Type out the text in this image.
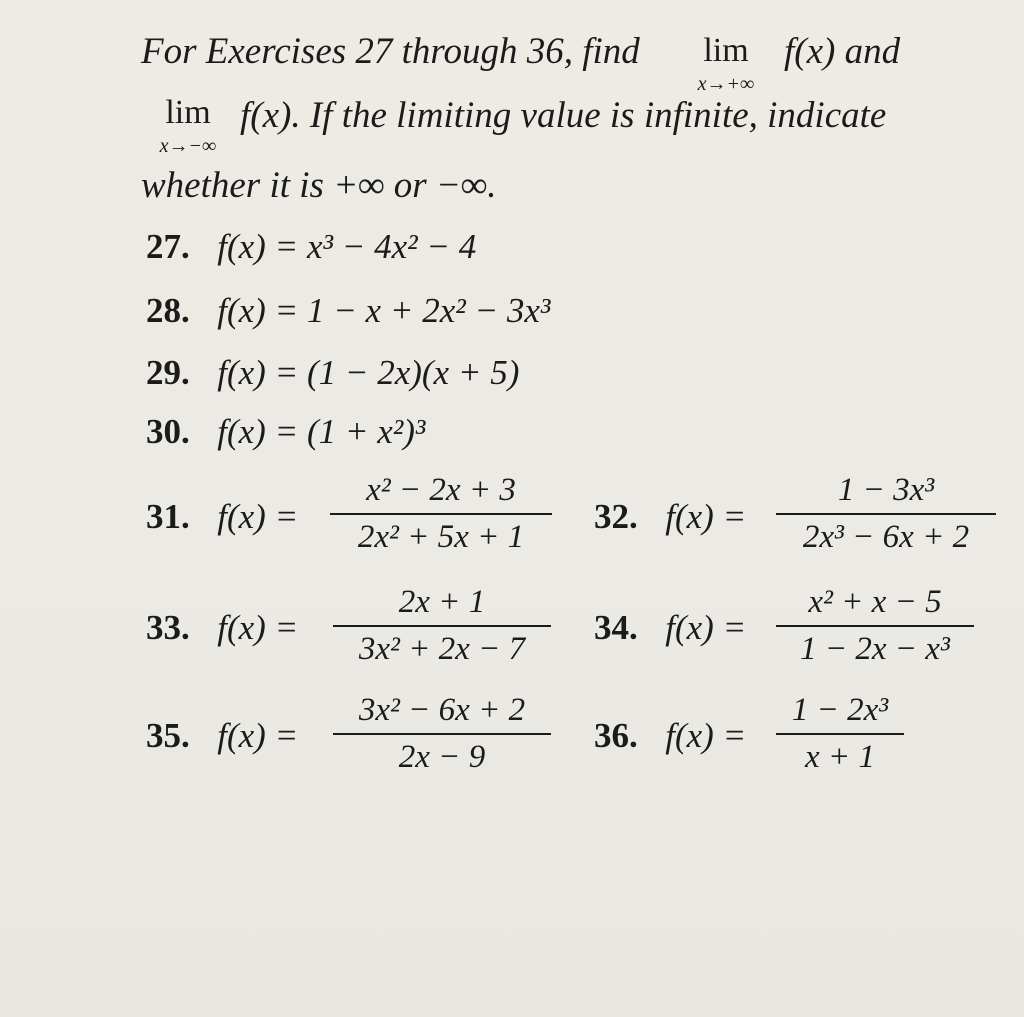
For Exercises 27 through 36, find	lim
x→+∞
f(x) and
lim
x→−∞
f(x). If the limiting value is infinite, indicate
whether it is +∞ or −∞.
27. f(x) = x³ − 4x² − 4
28. f(x) = 1 − x + 2x² − 3x³
29. f(x) = (1 − 2x)(x + 5)
30. f(x) = (1 + x²)³
31. $f(x) = \frac{\text{x² − 2x + 3}}{\text{2x² + 5x + 1}} 32$. $f(x) = \frac{\text{1 − 3x³}}{\text{2x³ − 6x + 2}}$
33. $f(x) = \frac{2x + 1}{\text{3x² + 2x − 7}} 34$. $f(x) = \frac{\text{x² + x − 5}}{\text{1 − 2x − x³}}$
35. $f(x) = \frac{\text{3x² − 6x + 2}}{2x - 9} 36$. $f(x) = \frac{\text{1 − 2x³}}{x + 1}$
